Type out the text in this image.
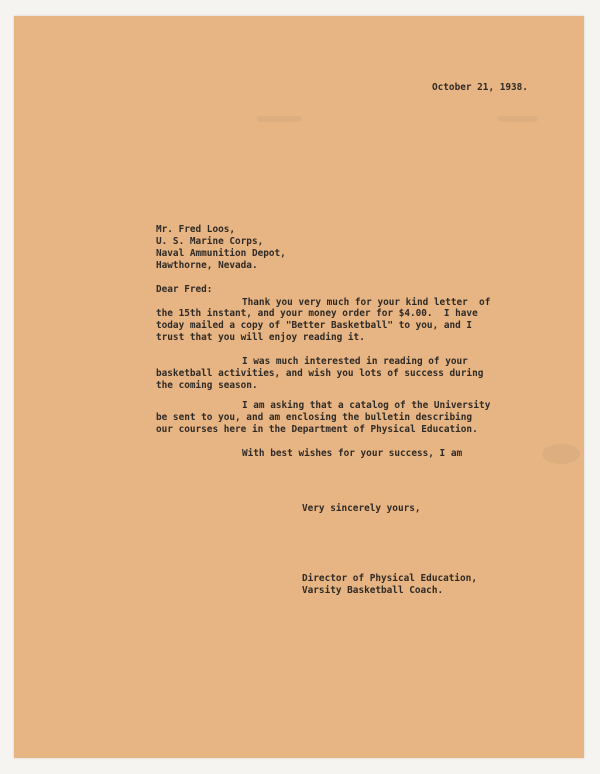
October 21, 1938.

Mr. Fred Loos,

U. S. Marine Corps,

Naval Ammunition Depot,

Hawthorne, Nevada.

Dear Fred:

Thank you very much for your kind letter  of

the 15th instant, and your money order for $4.00.  I have

today mailed a copy of "Better Basketball" to you, and I

trust that you will enjoy reading it.

I was much interested in reading of your

basketball activities, and wish you lots of success during

the coming season.

I am asking that a catalog of the University

be sent to you, and am enclosing the bulletin describing

our courses here in the Department of Physical Education.

With best wishes for your success, I am

Very sincerely yours,

Director of Physical Education,

Varsity Basketball Coach.
